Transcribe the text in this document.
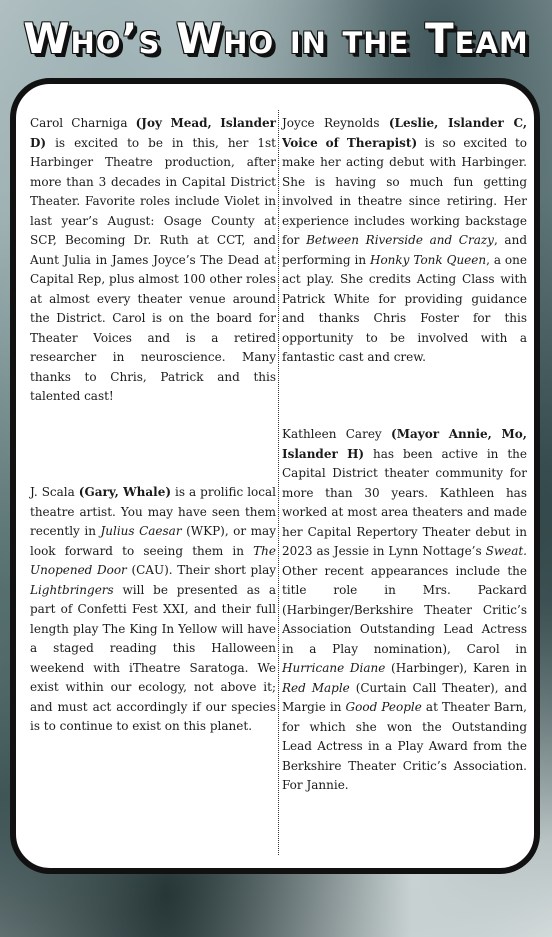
Who’s Who in the Team
Carol Charniga (Joy Mead, Islander D) is excited to be in this, her 1st Harbinger Theatre production, after more than 3 decades in Capital District Theater. Favorite roles include Violet in last year’s August: Osage County at SCP, Becoming Dr. Ruth at CCT, and Aunt Julia in James Joyce’s The Dead at Capital Rep, plus almost 100 other roles at almost every theater venue around the District. Carol is on the board for Theater Voices and is a retired researcher in neuroscience. Many thanks to Chris, Patrick and this talented cast!
J. Scala (Gary, Whale) is a prolific local theatre artist. You may have seen them recently in Julius Caesar (WKP), or may look forward to seeing them in The Unopened Door (CAU). Their short play Lightbringers will be presented as a part of Confetti Fest XXI, and their full length play The King In Yellow will have a staged reading this Halloween weekend with iTheatre Saratoga. We exist within our ecology, not above it; and must act accordingly if our species is to continue to exist on this planet.
Joyce Reynolds (Leslie, Islander C, Voice of Therapist) is so excited to make her acting debut with Harbinger. She is having so much fun getting involved in theatre since retiring. Her experience includes working backstage for Between Riverside and Crazy, and performing in Honky Tonk Queen, a one act play. She credits Acting Class with Patrick White for providing guidance and thanks Chris Foster for this opportunity to be involved with a fantastic cast and crew.
Kathleen Carey (Mayor Annie, Mo, Islander H) has been active in the Capital District theater community for more than 30 years. Kathleen has worked at most area theaters and made her Capital Repertory Theater debut in 2023 as Jessie in Lynn Nottage’s Sweat. Other recent appearances include the title role in Mrs. Packard (Harbinger/Berkshire Theater Critic’s Association Outstanding Lead Actress in a Play nomination), Carol in Hurricane Diane (Harbinger), Karen in Red Maple (Curtain Call Theater), and Margie in Good People at Theater Barn, for which she won the Outstanding Lead Actress in a Play Award from the Berkshire Theater Critic’s Association. For Jannie.
